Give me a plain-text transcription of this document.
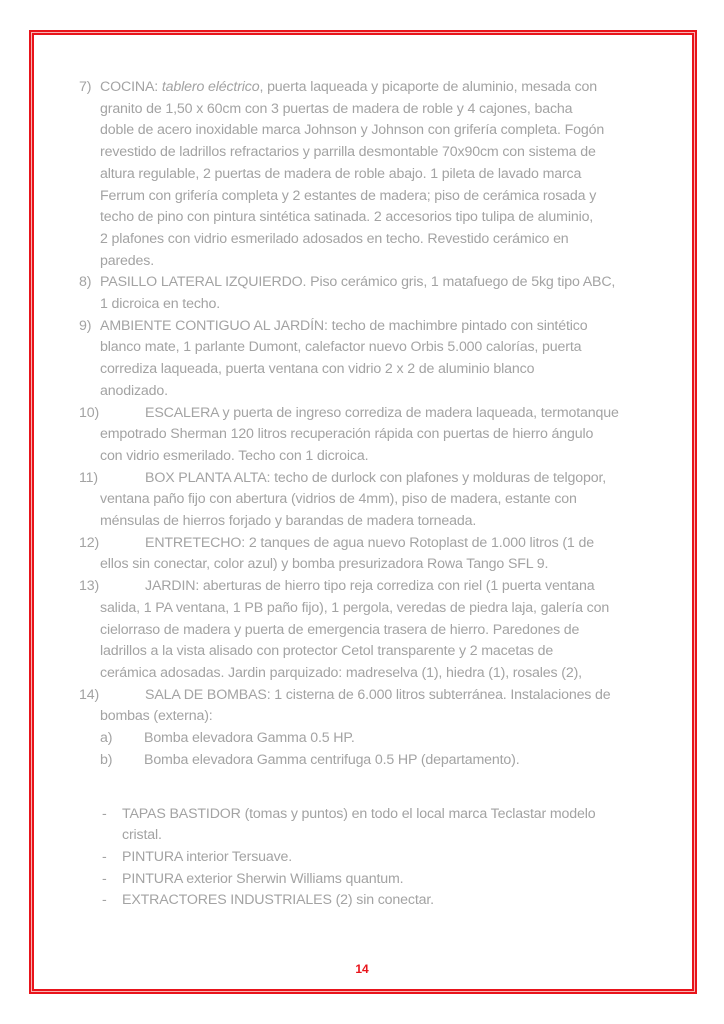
7) COCINA: tablero eléctrico, puerta laqueada y picaporte de aluminio, mesada con
granito de 1,50 x 60cm con 3 puertas de madera de roble y 4 cajones, bacha
doble de acero inoxidable marca Johnson y Johnson con grifería completa. Fogón
revestido de ladrillos refractarios y parrilla desmontable 70x90cm con sistema de
altura regulable, 2 puertas de madera de roble abajo. 1 pileta de lavado marca
Ferrum con grifería completa y 2 estantes de madera; piso de cerámica rosada y
techo de pino con pintura sintética satinada. 2 accesorios tipo tulipa de aluminio,
2 plafones con vidrio esmerilado adosados en techo. Revestido cerámico en
paredes.
8) PASILLO LATERAL IZQUIERDO. Piso cerámico gris, 1 matafuego de 5kg tipo ABC,
1 dicroica en techo.
9) AMBIENTE CONTIGUO AL JARDÍN: techo de machimbre pintado con sintético
blanco mate, 1 parlante Dumont, calefactor nuevo Orbis 5.000 calorías, puerta
corrediza laqueada, puerta ventana con vidrio 2 x 2 de aluminio blanco
anodizado.
10)	ESCALERA y puerta de ingreso corrediza de madera laqueada, termotanque
empotrado Sherman 120 litros recuperación rápida con puertas de hierro ángulo
con vidrio esmerilado. Techo con 1 dicroica.
11)	BOX PLANTA ALTA: techo de durlock con plafones y molduras de telgopor,
ventana paño fijo con abertura (vidrios de 4mm), piso de madera, estante con
ménsulas de hierros forjado y barandas de madera torneada.
12)	ENTRETECHO: 2 tanques de agua nuevo Rotoplast de 1.000 litros (1 de
ellos sin conectar, color azul) y bomba presurizadora Rowa Tango SFL 9.
13)	JARDIN: aberturas de hierro tipo reja corrediza con riel (1 puerta ventana
salida, 1 PA ventana, 1 PB paño fijo), 1 pergola, veredas de piedra laja, galería con
cielorraso de madera y puerta de emergencia trasera de hierro. Paredones de
ladrillos a la vista alisado con protector Cetol transparente y 2 macetas de
cerámica adosadas. Jardin parquizado: madreselva (1), hiedra (1), rosales (2),
14)	SALA DE BOMBAS: 1 cisterna de 6.000 litros subterránea. Instalaciones de
bombas (externa):
a)	Bomba elevadora Gamma 0.5 HP.
b)	Bomba elevadora Gamma centrifuga 0.5 HP (departamento).
-	TAPAS BASTIDOR (tomas y puntos) en todo el local marca Teclastar modelo
cristal.
-	PINTURA interior Tersuave.
-	PINTURA exterior Sherwin Williams quantum.
-	EXTRACTORES INDUSTRIALES (2) sin conectar.
14
